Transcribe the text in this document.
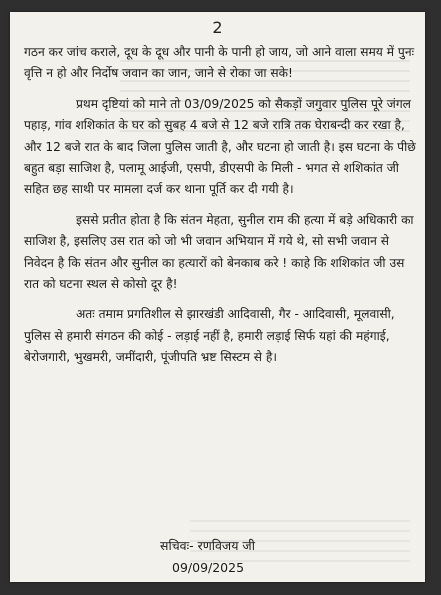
2

गठन कर जांच कराले, दूध के दूध और पानी के पानी हो जाय, जो आने वाला समय में पुनः वृत्ति न हो और निर्दोष जवान का जान, जाने से रोका जा सके!

प्रथम दृष्टियां को माने तो 03/09/2025 को सैकड़ों जगुवार पुलिस पूरे जंगल पहाड़, गांव शशिकांत के घर को सुबह 4 बजे से 12 बजे रात्रि तक घेराबन्दी कर रखा है, और 12 बजे रात के बाद जिला पुलिस जाती है, और घटना हो जाती है। इस घटना के पीछे बहुत बड़ा साजिश है, पलामू आईजी, एसपी, डीएसपी के मिली - भगत से शशिकांत जी सहित छह साथी पर मामला दर्ज कर थाना पूर्ति कर दी गयी है।

इससे प्रतीत होता है कि संतन मेहता, सुनील राम की हत्या में बड़े अधिकारी का साजिश है, इसलिए उस रात को जो भी जवान अभियान में गये थे, सो सभी जवान से निवेदन है कि संतन और सुनील का हत्यारों को बेनकाब करे ! काहे कि शशिकांत जी उस रात को घटना स्थल से कोसो दूर है!

अतः तमाम प्रगतिशील से झारखंडी आदिवासी, गैर - आदिवासी, मूलवासी, पुलिस से हमारी संगठन की कोई - लड़ाई नहीं है, हमारी लड़ाई सिर्फ यहां की महंगाई, बेरोजगारी, भुखमरी, जमींदारी, पूंजीपति भ्रष्ट सिस्टम से है।

सचिवः- रणविजय जी
09/09/2025
